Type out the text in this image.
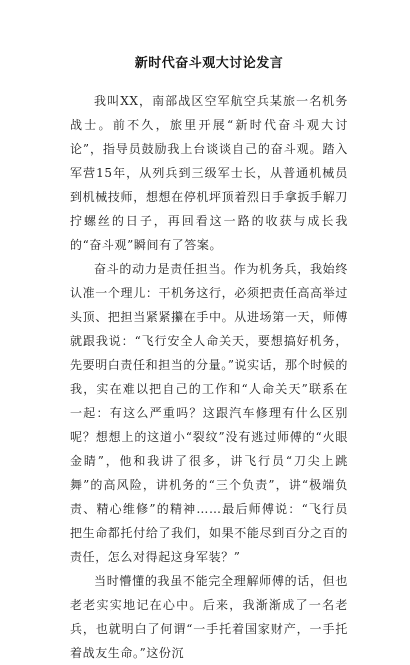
新时代奋斗观大讨论发言

我叫XX，南部战区空军航空兵某旅一名机务战士。前不久，旅里开展“新时代奋斗观大讨论”，指导员鼓励我上台谈谈自己的奋斗观。踏入军营15年，从列兵到三级军士长，从普通机械员到机械技师，想想在停机坪顶着烈日手拿扳手解刀拧螺丝的日子，再回看这一路的收获与成长我的“奋斗观”瞬间有了答案。

奋斗的动力是责任担当。作为机务兵，我始终认准一个理儿：干机务这行，必须把责任高高举过头顶、把担当紧紧攥在手中。从进场第一天，师傅就跟我说：“飞行安全人命关天，要想搞好机务，先要明白责任和担当的分量。”说实话，那个时候的我，实在难以把自己的工作和“人命关天”联系在一起：有这么严重吗？这跟汽车修理有什么区别呢？想想上的这道小“裂纹”没有逃过师傅的“火眼金睛”，他和我讲了很多，讲飞行员“刀尖上跳舞”的高风险，讲机务的“三个负责”，讲“极端负责、精心维修”的精神……最后师傅说：“飞行员把生命都托付给了我们，如果不能尽到百分之百的责任，怎么对得起这身军装？”

当时懵懂的我虽不能完全理解师傅的话，但也老老实实地记在心中。后来，我渐渐成了一名老兵，也就明白了何谓“一手托着国家财产，一手托着战友生命。”这份沉
